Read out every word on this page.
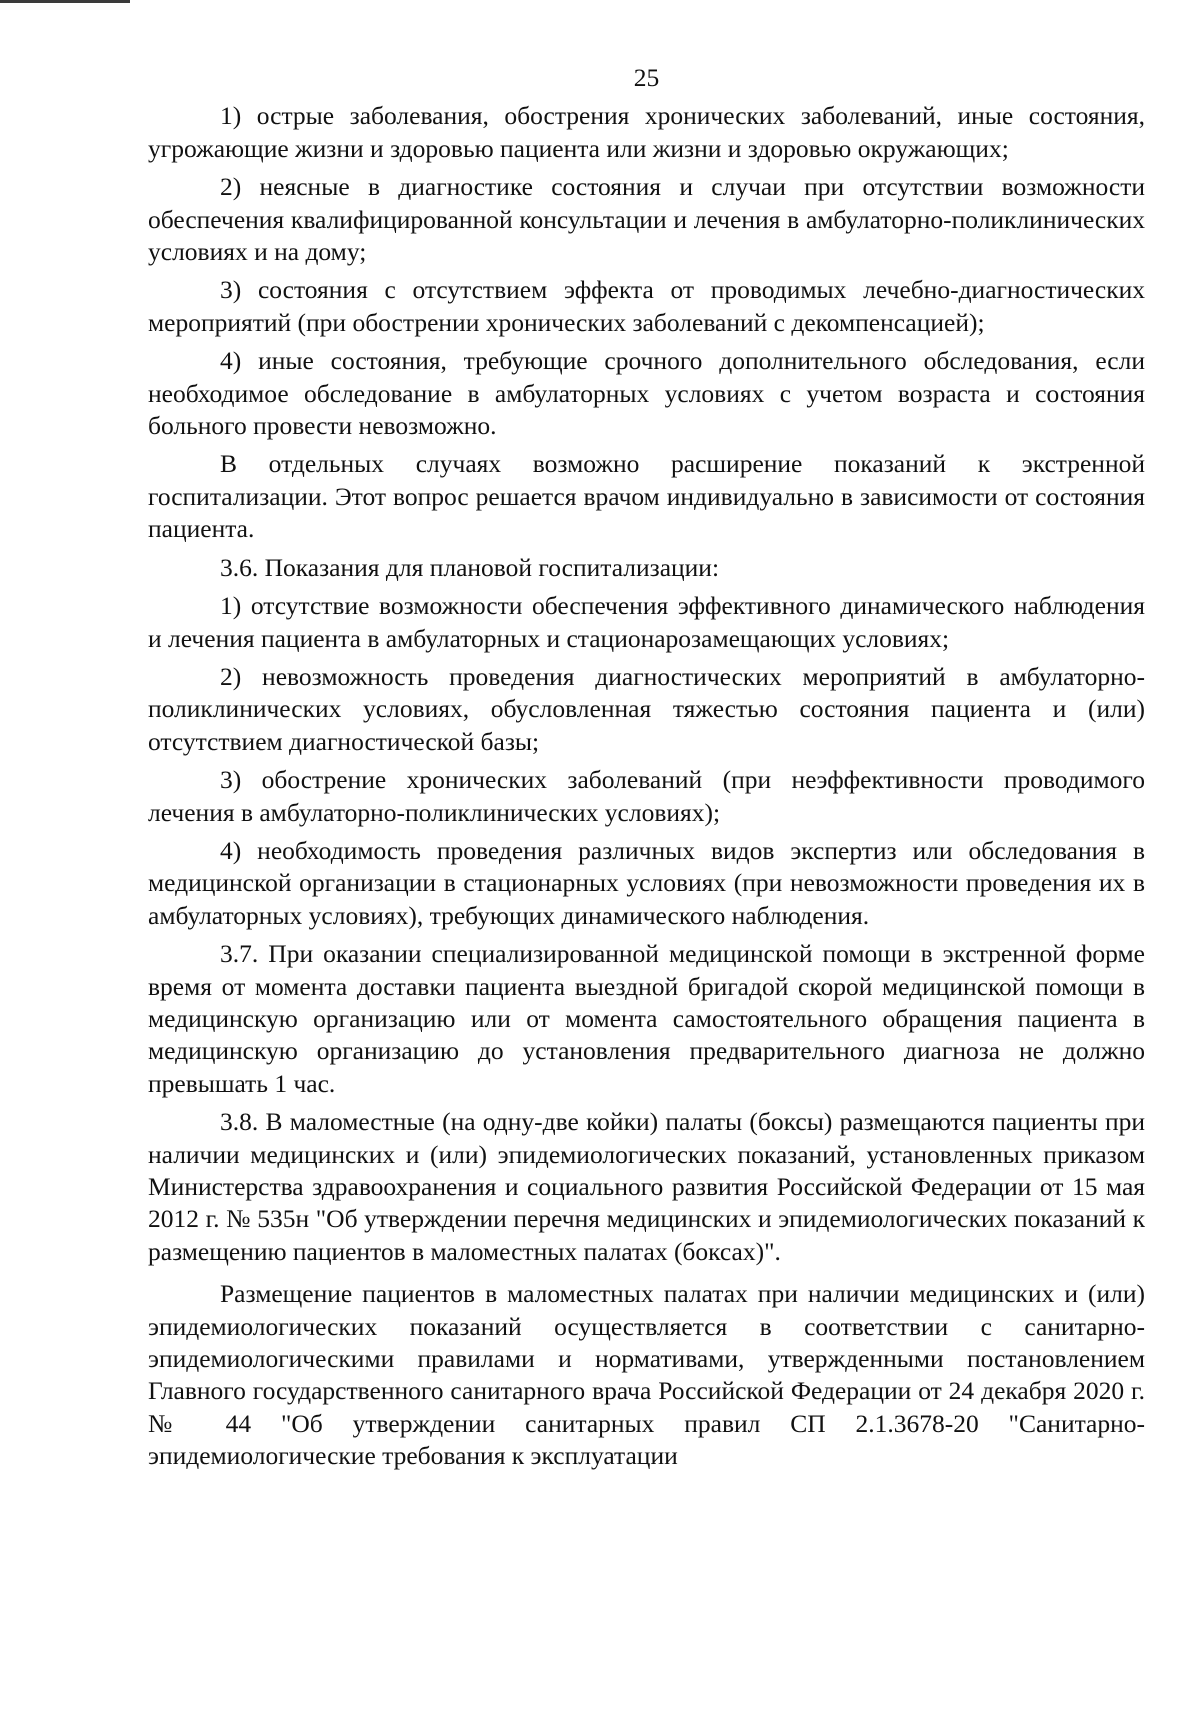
25

1) острые заболевания, обострения хронических заболеваний, иные состояния, угрожающие жизни и здоровью пациента или жизни и здоровью окружающих;

2) неясные в диагностике состояния и случаи при отсутствии возможности обеспечения квалифицированной консультации и лечения в амбулаторно-поликлинических условиях и на дому;

3) состояния с отсутствием эффекта от проводимых лечебно-диагностических мероприятий (при обострении хронических заболеваний с декомпенсацией);

4) иные состояния, требующие срочного дополнительного обследования, если необходимое обследование в амбулаторных условиях с учетом возраста и состояния больного провести невозможно.

В отдельных случаях возможно расширение показаний к экстренной госпитализации. Этот вопрос решается врачом индивидуально в зависимости от состояния пациента.

3.6. Показания для плановой госпитализации:

1) отсутствие возможности обеспечения эффективного динамического наблюдения и лечения пациента в амбулаторных и стационарозамещающих условиях;

2) невозможность проведения диагностических мероприятий в амбулаторно-поликлинических условиях, обусловленная тяжестью состояния пациента и (или) отсутствием диагностической базы;

3) обострение хронических заболеваний (при неэффективности проводимого лечения в амбулаторно-поликлинических условиях);

4) необходимость проведения различных видов экспертиз или обследования в медицинской организации в стационарных условиях (при невозможности проведения их в амбулаторных условиях), требующих динамического наблюдения.

3.7. При оказании специализированной медицинской помощи в экстренной форме время от момента доставки пациента выездной бригадой скорой медицинской помощи в медицинскую организацию или от момента самостоятельного обращения пациента в медицинскую организацию до установления предварительного диагноза не должно превышать 1 час.

3.8. В маломестные (на одну-две койки) палаты (боксы) размещаются пациенты при наличии медицинских и (или) эпидемиологических показаний, установленных приказом Министерства здравоохранения и социального развития Российской Федерации от 15 мая 2012 г. № 535н "Об утверждении перечня медицинских и эпидемиологических показаний к размещению пациентов в маломестных палатах (боксах)".

Размещение пациентов в маломестных палатах при наличии медицинских и (или) эпидемиологических показаний осуществляется в соответствии с санитарно-эпидемиологическими правилами и нормативами, утвержденными постановлением Главного государственного санитарного врача Российской Федерации от 24 декабря 2020 г. № 44 "Об утверждении санитарных правил СП 2.1.3678-20 "Санитарно-эпидемиологические требования к эксплуатации
